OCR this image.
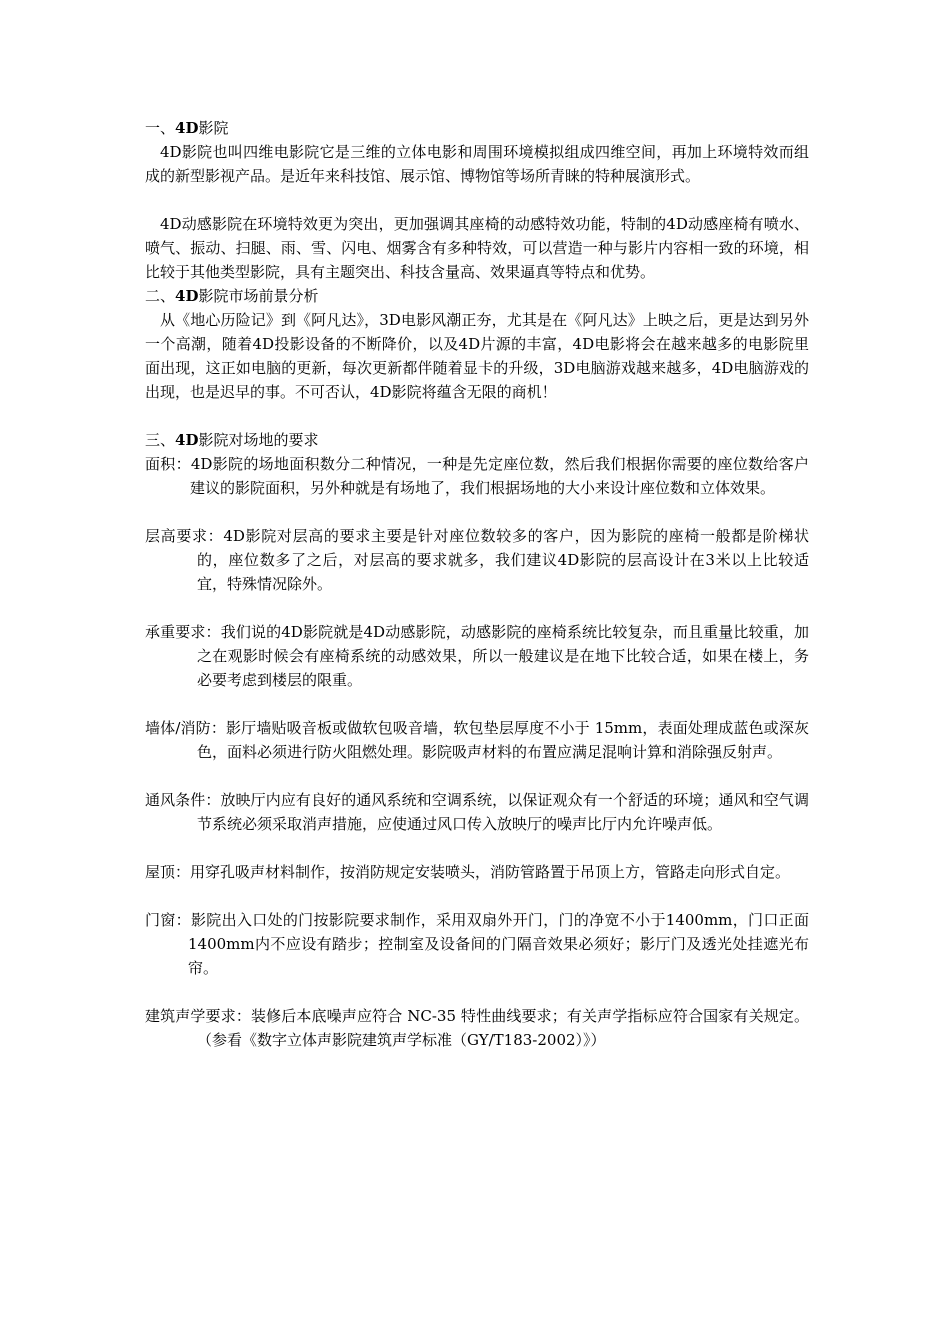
一、4D影院

4D影院也叫四维电影院它是三维的立体电影和周围环境模拟组成四维空间，再加上环境特效而组成的新型影视产品。是近年来科技馆、展示馆、博物馆等场所青睐的特种展演形式。

4D动感影院在环境特效更为突出，更加强调其座椅的动感特效功能，特制的4D动感座椅有喷水、喷气、振动、扫腿、雨、雪、闪电、烟雾含有多种特效，可以营造一种与影片内容相一致的环境，相比较于其他类型影院，具有主题突出、科技含量高、效果逼真等特点和优势。

二、4D影院市场前景分析

从《地心历险记》到《阿凡达》，3D电影风潮正夯，尤其是在《阿凡达》上映之后，更是达到另外一个高潮，随着4D投影设备的不断降价，以及4D片源的丰富，4D电影将会在越来越多的电影院里面出现，这正如电脑的更新，每次更新都伴随着显卡的升级，3D电脑游戏越来越多，4D电脑游戏的出现，也是迟早的事。不可否认，4D影院将蕴含无限的商机！

三、4D影院对场地的要求

面积：4D影院的场地面积数分二种情况，一种是先定座位数，然后我们根据你需要的座位数给客户建议的影院面积，另外种就是有场地了，我们根据场地的大小来设计座位数和立体效果。

层高要求：4D影院对层高的要求主要是针对座位数较多的客户，因为影院的座椅一般都是阶梯状的，座位数多了之后，对层高的要求就多，我们建议4D影院的层高设计在3米以上比较适宜，特殊情况除外。

承重要求：我们说的4D影院就是4D动感影院，动感影院的座椅系统比较复杂，而且重量比较重，加之在观影时候会有座椅系统的动感效果，所以一般建议是在地下比较合适，如果在楼上，务必要考虑到楼层的限重。

墙体/消防：影厅墙贴吸音板或做软包吸音墙，软包垫层厚度不小于 15mm，表面处理成蓝色或深灰色，面料必须进行防火阻燃处理。影院吸声材料的布置应满足混响计算和消除强反射声。

通风条件：放映厅内应有良好的通风系统和空调系统，以保证观众有一个舒适的环境；通风和空气调节系统必须采取消声措施，应使通过风口传入放映厅的噪声比厅内允许噪声低。

屋顶：用穿孔吸声材料制作，按消防规定安装喷头，消防管路置于吊顶上方，管路走向形式自定。

门窗：影院出入口处的门按影院要求制作，采用双扇外开门，门的净宽不小于1400mm，门口正面1400mm内不应设有踏步；控制室及设备间的门隔音效果必须好；影厅门及透光处挂遮光布帘。

建筑声学要求：装修后本底噪声应符合 NC-35 特性曲线要求；有关声学指标应符合国家有关规定。（参看《数字立体声影院建筑声学标准（GY/T183-2002）》）
